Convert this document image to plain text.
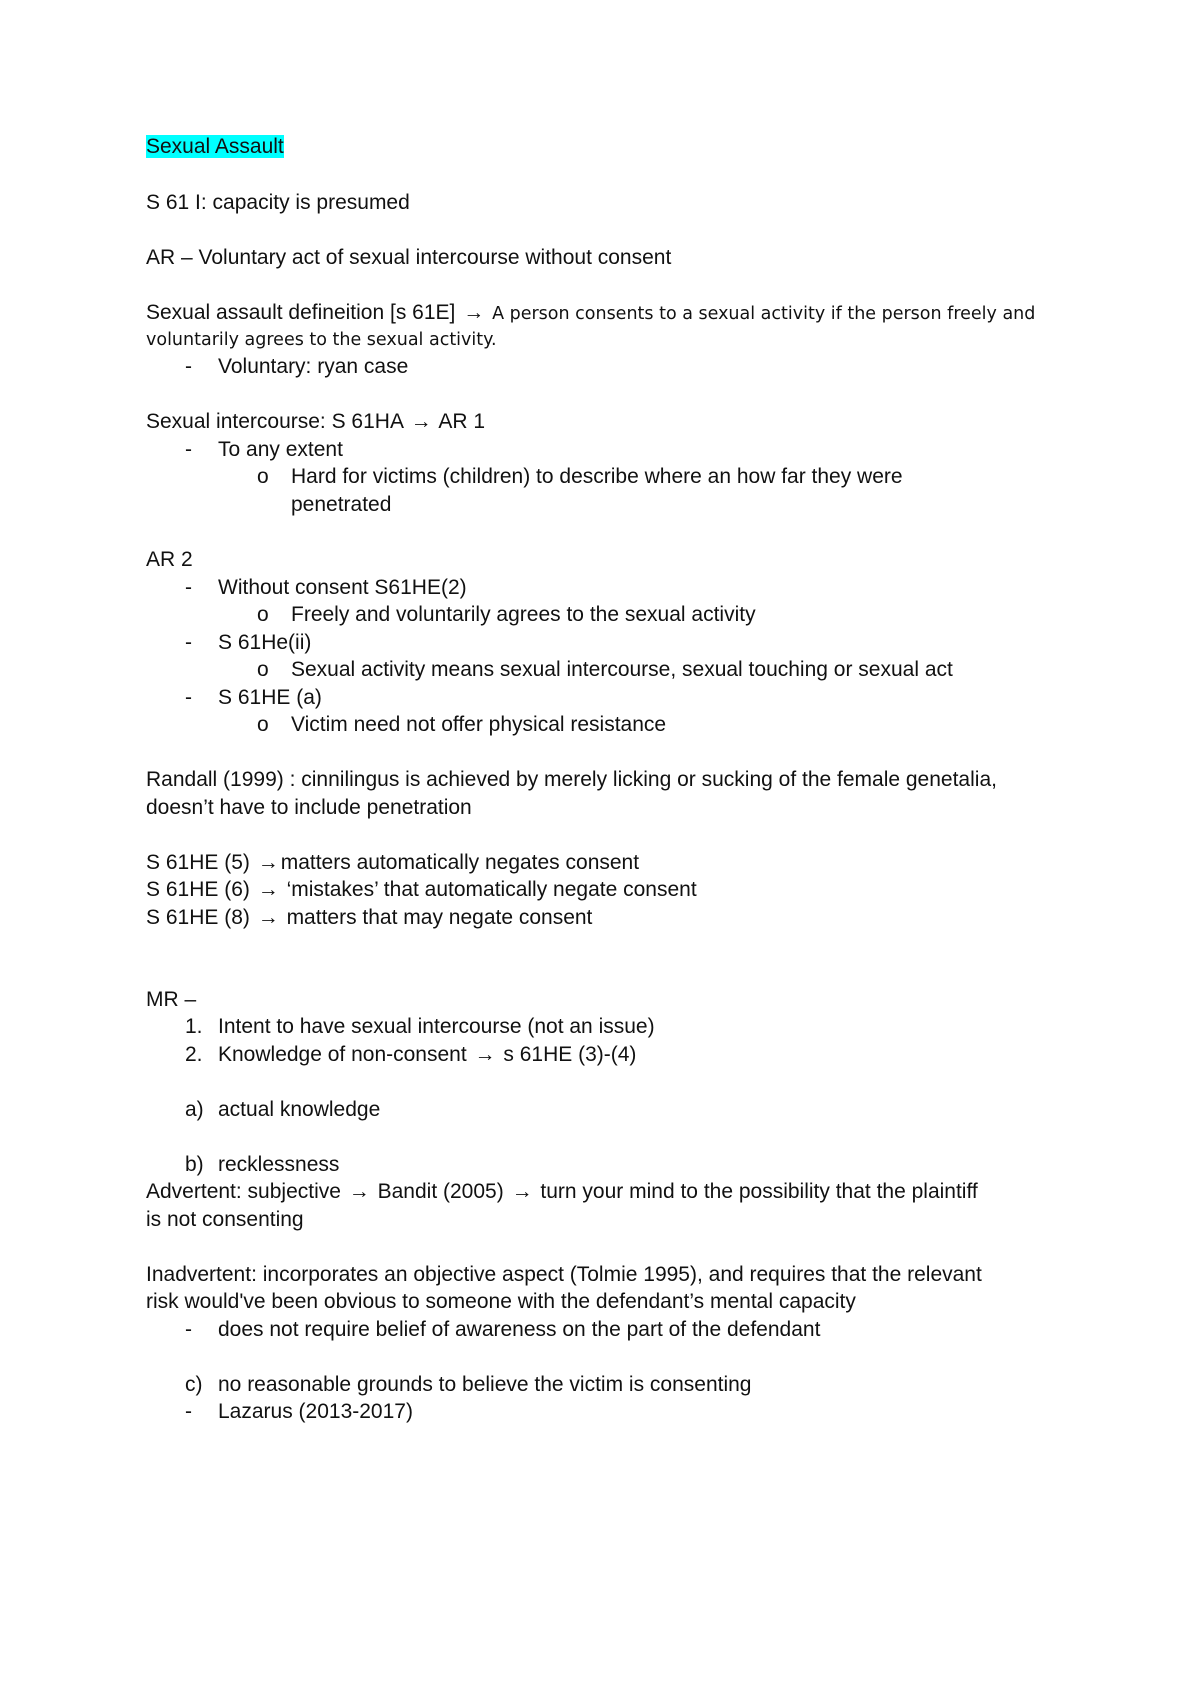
Sexual Assault
S 61 I: capacity is presumed
AR – Voluntary act of sexual intercourse without consent
Sexual assault defineition [s 61E] → A person consents to a sexual activity if the person freely and
voluntarily agrees to the sexual activity.
- Voluntary: ryan case
Sexual intercourse: S 61HA → AR 1
- To any extent
o Hard for victims (children) to describe where an how far they were
penetrated
AR 2
- Without consent S61HE(2)
o Freely and voluntarily agrees to the sexual activity
- S 61He(ii)
o Sexual activity means sexual intercourse, sexual touching or sexual act
- S 61HE (a)
o Victim need not offer physical resistance
Randall (1999) : cinnilingus is achieved by merely licking or sucking of the female genetalia,
doesn’t have to include penetration
S 61HE (5) →matters automatically negates consent
S 61HE (6) → ‘mistakes’ that automatically negate consent
S 61HE (8) → matters that may negate consent
MR –
1. Intent to have sexual intercourse (not an issue)
2. Knowledge of non-consent → s 61HE (3)-(4)
a) actual knowledge
b) recklessness
Advertent: subjective → Bandit (2005) → turn your mind to the possibility that the plaintiff
is not consenting
Inadvertent: incorporates an objective aspect (Tolmie 1995), and requires that the relevant
risk would've been obvious to someone with the defendant’s mental capacity
- does not require belief of awareness on the part of the defendant
c) no reasonable grounds to believe the victim is consenting
- Lazarus (2013-2017)
